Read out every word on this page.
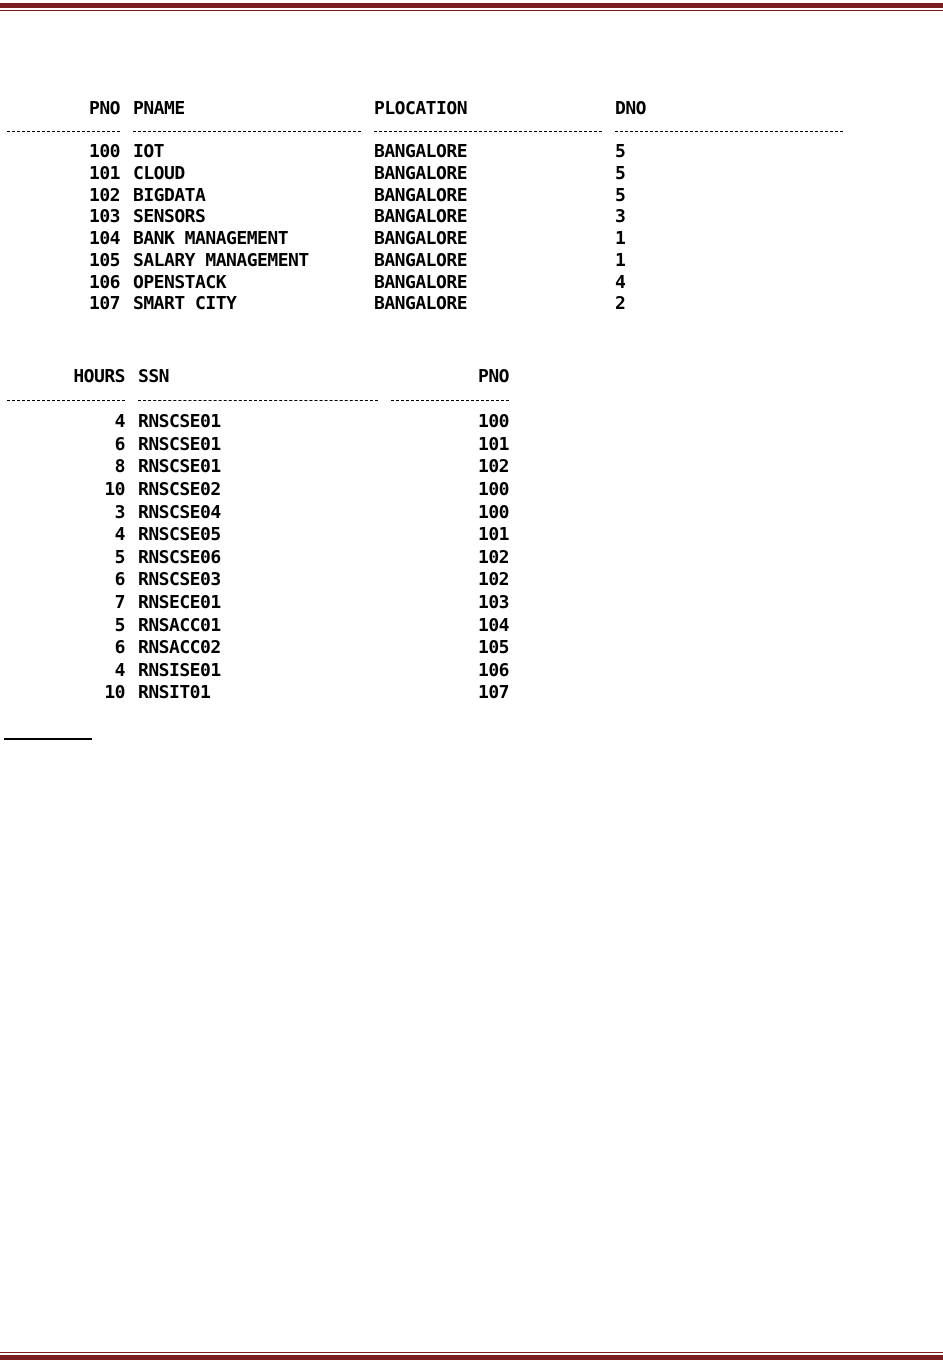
PNO PNAME	PLOCATION	DNO
100 IOT	BANGALORE	5
101 CLOUD	BANGALORE	5
102 BIGDATA	BANGALORE	5
103 SENSORS	BANGALORE	3
104 BANK MANAGEMENT	BANGALORE	1
105 SALARY MANAGEMENT	BANGALORE	1
106 OPENSTACK	BANGALORE	4
107 SMART CITY	BANGALORE	2
HOURS SSN	PNO
4 RNSCSE01	100
6 RNSCSE01	101
8 RNSCSE01	102
10 RNSCSE02	100
3 RNSCSE04	100
4 RNSCSE05	101
5 RNSCSE06	102
6 RNSCSE03	102
7 RNSECE01	103
5 RNSACC01	104
6 RNSACC02	105
4 RNSISE01	106
10 RNSIT01	107
